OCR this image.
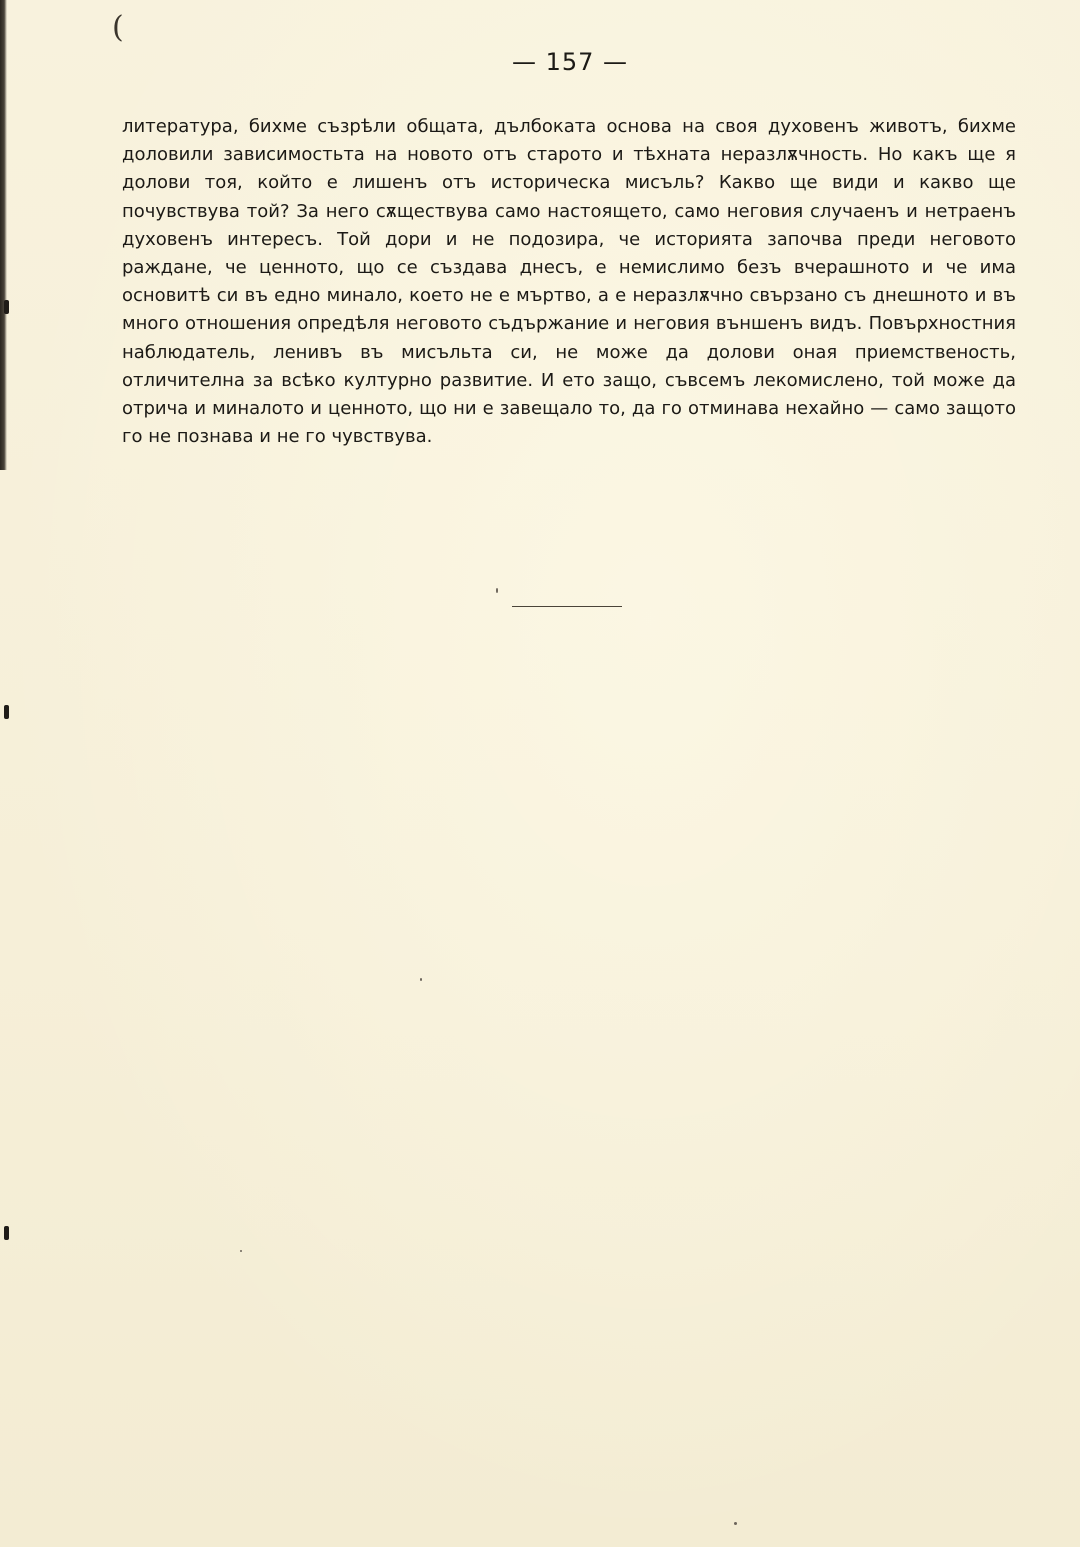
(
— 157 —

литература, бихме съзрѣли общата, дълбоката основа на своя духовенъ животъ, бихме доловили зависимостьта на новото отъ старото и тѣхната неразлѫчность. Но какъ ще я долови тоя, който е лишенъ отъ историческа мисъль? Какво ще види и какво ще почувствува той? За него сѫществува само настоящето, само неговия случаенъ и нетраенъ духовенъ интересъ. Той дори и не подозира, че историята започва преди неговото раждане, че ценното, що се създава днесъ, е немислимо безъ вчерашното и че има основитѣ си въ едно минало, което не е мъртво, а е неразлѫчно свързано съ днешното и въ много отношения опредѣля неговото съдържание и неговия външенъ видъ. Повърхностния наблюдатель, ленивъ въ мисъльта си, не може да долови оная приемственость, отличителна за всѣко културно развитие. И ето защо, съвсемъ лекомислено, той може да отрича и миналото и ценното, що ни е завещало то, да го отминава нехайно — само защото го не познава и не го чувствува.
